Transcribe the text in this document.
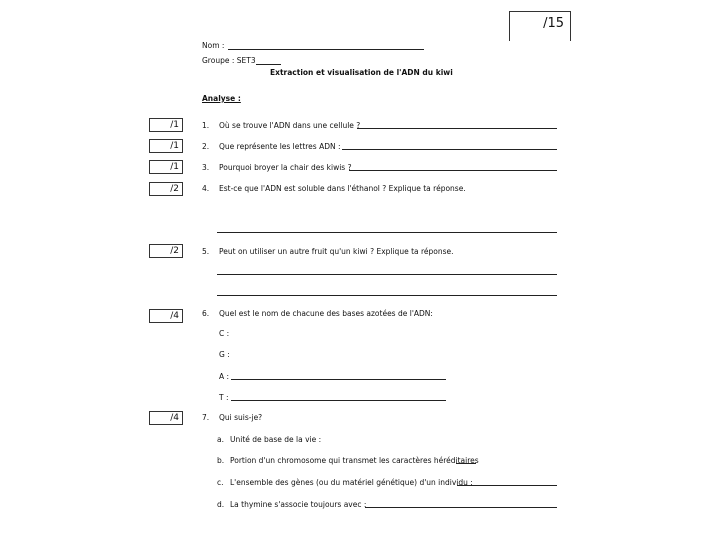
/15
Nom :
Groupe : SET3
Extraction et visualisation de l'ADN du kiwi
Analyse :
/1
/1
/1
/2
/2
/4
/4
1. Où se trouve l'ADN dans une cellule ?
2. Que représente les lettres ADN :
3. Pourquoi broyer la chair des kiwis ?
4. Est-ce que l'ADN est soluble dans l'éthanol ? Explique ta réponse.
5. Peut on utiliser un autre fruit qu'un kiwi ? Explique ta réponse.
6. Quel est le nom de chacune des bases azotées de l'ADN:
C :
G :
A :
T :
7. Qui suis-je?
a. Unité de base de la vie :
b. Portion d'un chromosome qui transmet les caractères héréditaires
c. L'ensemble des gènes (ou du matériel génétique) d'un individu :
d. La thymine s'associe toujours avec :
